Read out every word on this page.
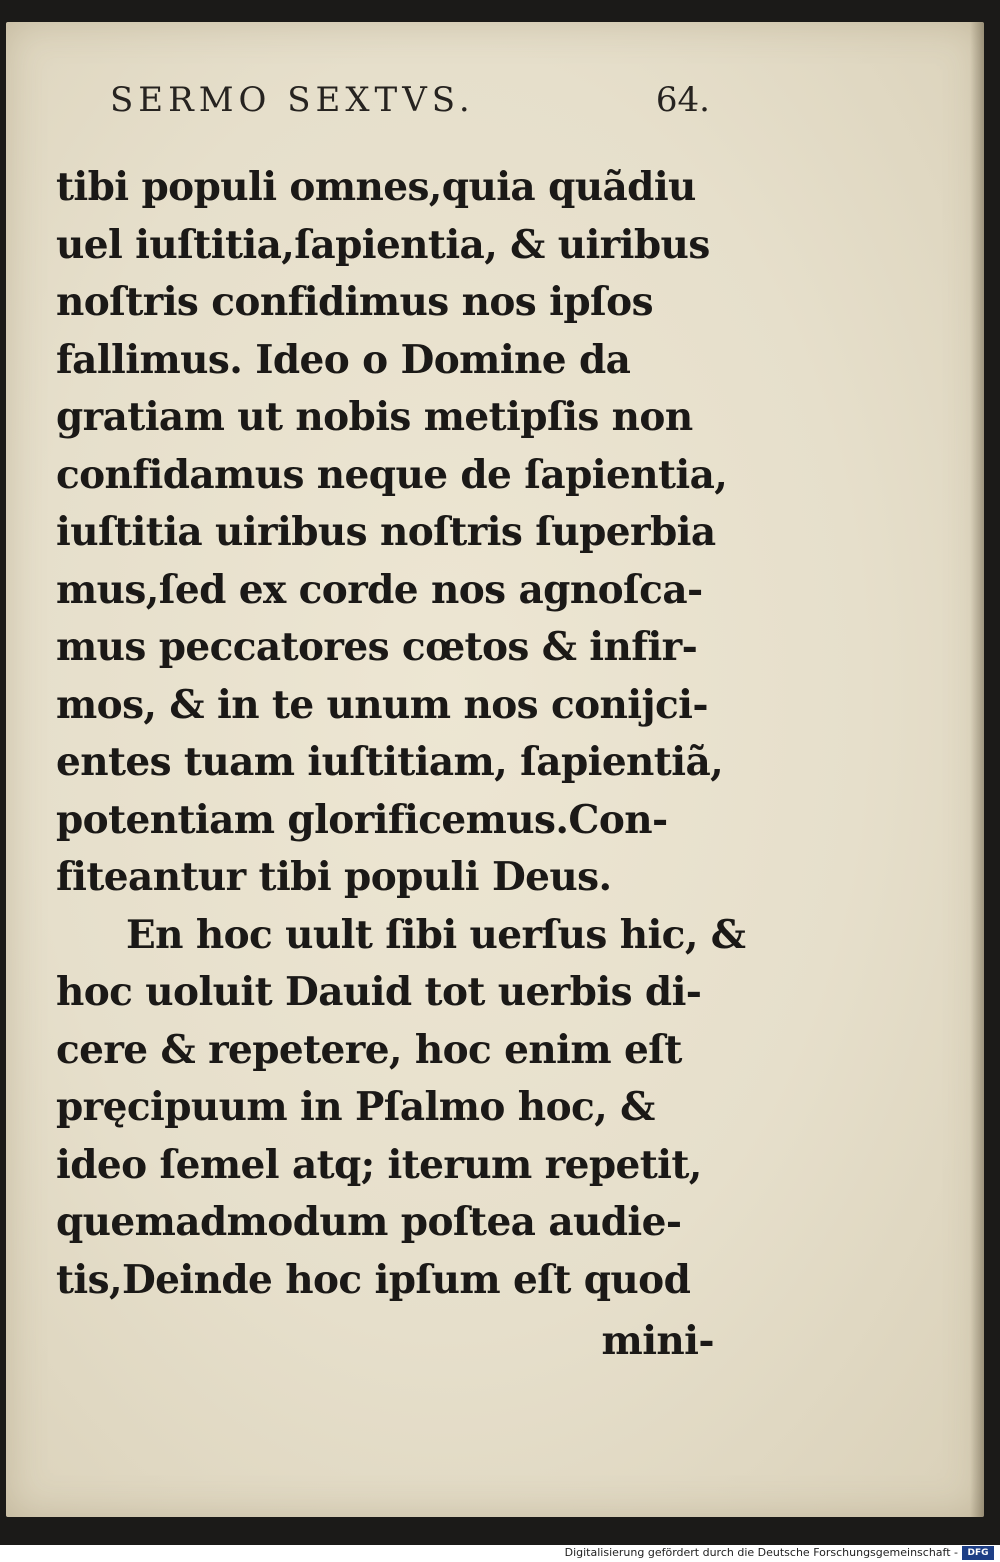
SERMO SEXTVS.	64.
tibi populi omnes,quia quãdiu
uel iuſtitia,ſapientia, & uiribus
noſtris confidimus nos ipſos
fallimus. Ideo o Domine da
gratiam ut nobis metipſis non
confidamus neque de ſapientia,
iuſtitia uiribus noſtris ſuperbia
mus,ſed ex corde nos agnoſca-
mus peccatores cœtos & infir-
mos, & in te unum nos conijci-
entes tuam iuſtitiam, ſapientiã,
potentiam glorificemus.Con-
fiteantur tibi populi Deus.
En hoc uult ſibi uerſus hic, &
hoc uoluit Dauid tot uerbis di-
cere & repetere, hoc enim eſt
pręcipuum in Pſalmo hoc, &
ideo ſemel atq; iterum repetit,
quemadmodum poſtea audie-
tis,Deinde hoc ipſum eſt quod
mini-
Digitalisierung gefördert durch die Deutsche Forschungsgemeinschaft -	DFG
